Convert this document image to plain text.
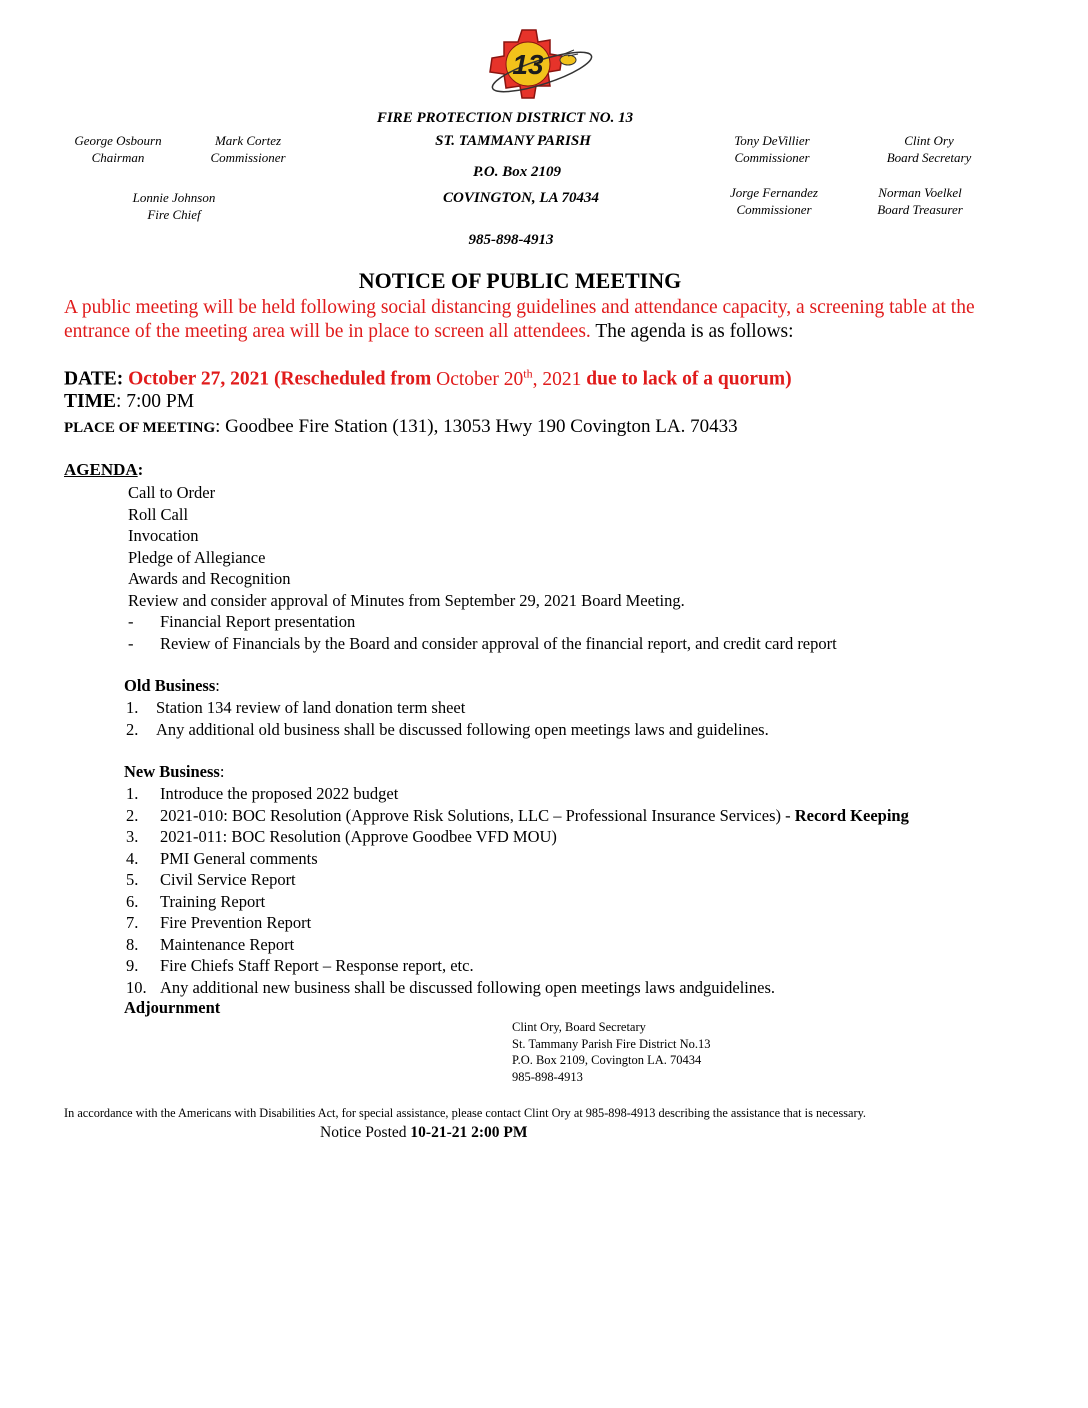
13
FIRE PROTECTION DISTRICT NO. 13
ST. TAMMANY PARISH
P.O. Box 2109
COVINGTON, LA 70434
985-898-4913
George Osbourn
Chairman
Mark Cortez
Commissioner
Lonnie Johnson
Fire Chief
Tony DeVillier
Commissioner
Clint Ory
Board Secretary
Jorge Fernandez
Commissioner
Norman Voelkel
Board Treasurer
NOTICE OF PUBLIC MEETING
A public meeting will be held following social distancing guidelines and attendance capacity, a screening table at the entrance of the meeting area will be in place to screen all attendees. The agenda is as follows:
DATE: October 27, 2021 (Rescheduled from October 20th, 2021 due to lack of a quorum)
TIME: 7:00 PM
PLACE OF MEETING: Goodbee Fire Station (131), 13053 Hwy 190 Covington LA. 70433
AGENDA:
Call to Order
Roll Call
Invocation
Pledge of Allegiance
Awards and Recognition
Review and consider approval of Minutes from September 29, 2021 Board Meeting.
- Financial Report presentation
- Review of Financials by the Board and consider approval of the financial report, and credit card report
Old Business:
1. Station 134 review of land donation term sheet
2. Any additional old business shall be discussed following open meetings laws and guidelines.
New Business:
1. Introduce the proposed 2022 budget
2. 2021-010: BOC Resolution (Approve Risk Solutions, LLC – Professional Insurance Services) - Record Keeping
3. 2021-011: BOC Resolution (Approve Goodbee VFD MOU)
4. PMI General comments
5. Civil Service Report
6. Training Report
7. Fire Prevention Report
8. Maintenance Report
9. Fire Chiefs Staff Report – Response report, etc.
10. Any additional new business shall be discussed following open meetings laws andguidelines.
Adjournment
Clint Ory, Board Secretary
St. Tammany Parish Fire District No.13
P.O. Box 2109, Covington LA. 70434
985-898-4913
In accordance with the Americans with Disabilities Act, for special assistance, please contact Clint Ory at 985-898-4913 describing the assistance that is necessary.
Notice Posted 10-21-21 2:00 PM
